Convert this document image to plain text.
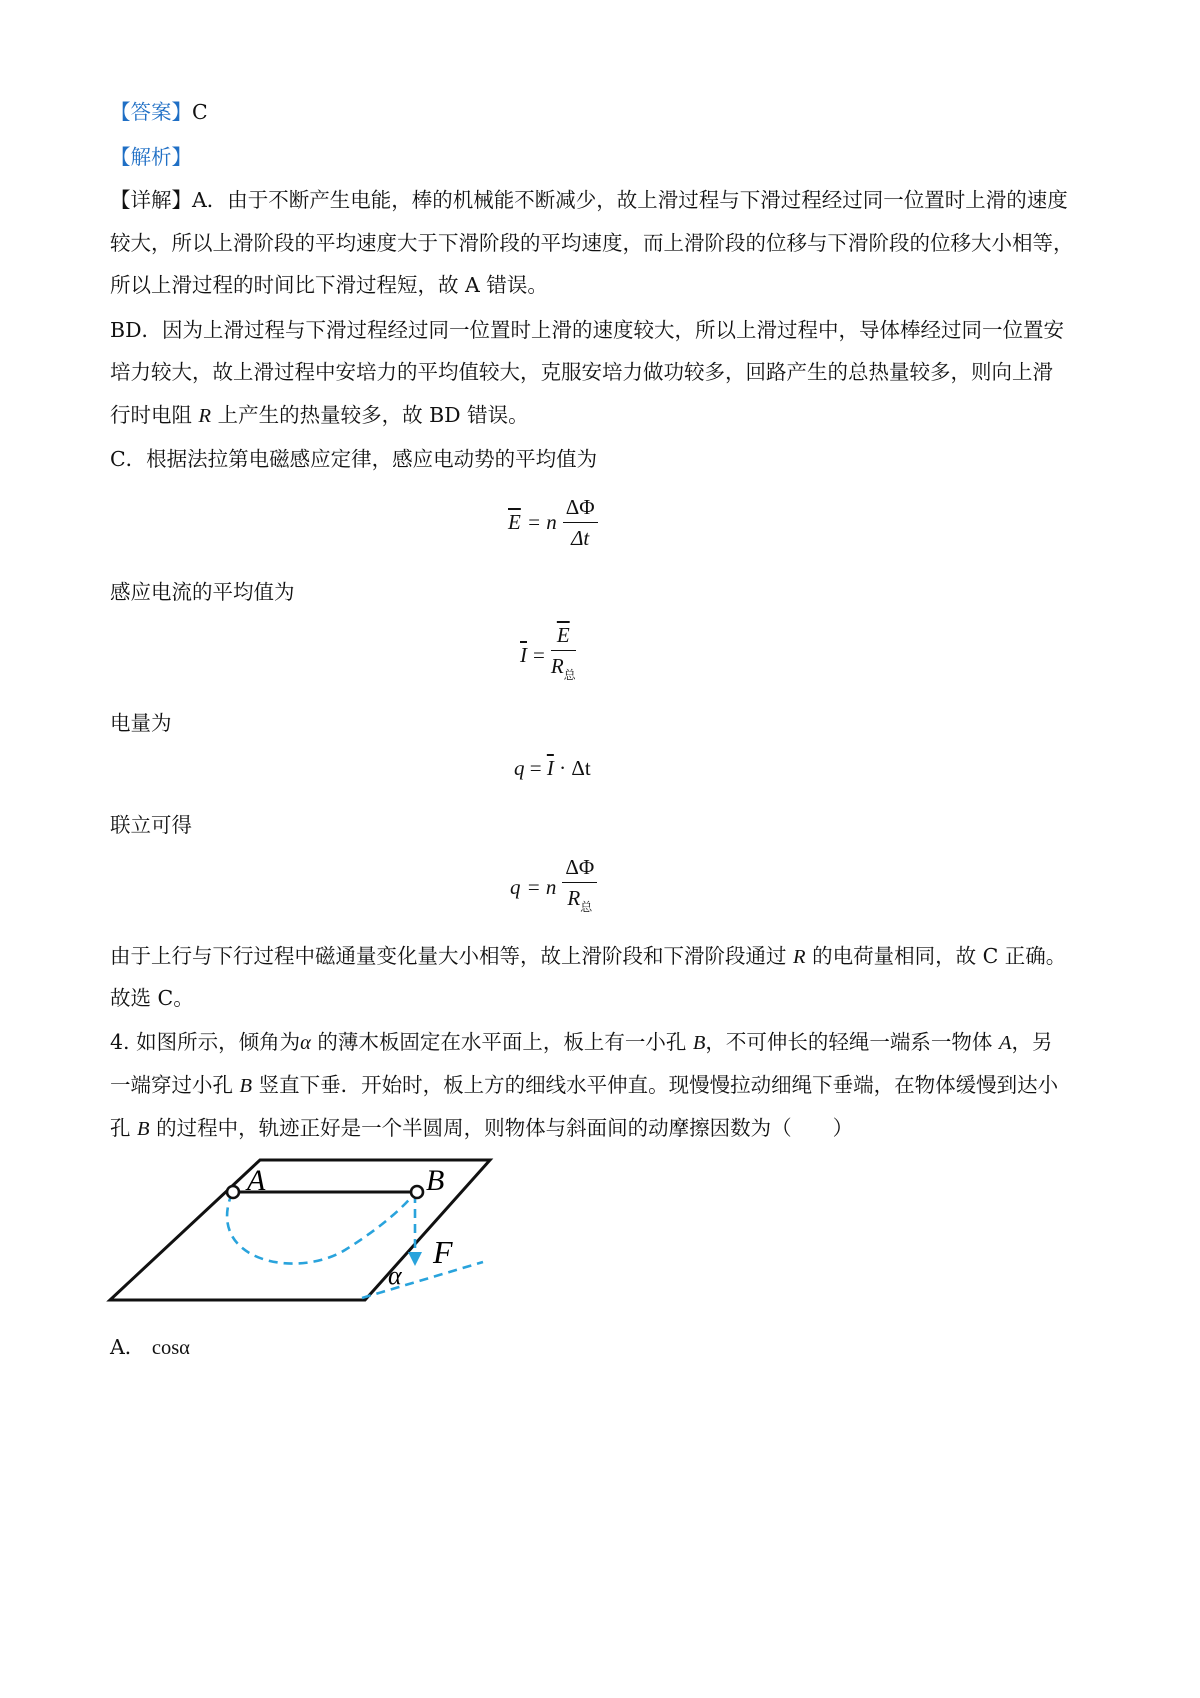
【答案】C
【解析】
【详解】A．由于不断产生电能，棒的机械能不断减少，故上滑过程与下滑过程经过同一位置时上滑的速度
较大，所以上滑阶段的平均速度大于下滑阶段的平均速度，而上滑阶段的位移与下滑阶段的位移大小相等，
所以上滑过程的时间比下滑过程短，故 A 错误。
BD．因为上滑过程与下滑过程经过同一位置时上滑的速度较大，所以上滑过程中，导体棒经过同一位置安
培力较大，故上滑过程中安培力的平均值较大，克服安培力做功较多，回路产生的总热量较多，则向上滑
行时电阻 R 上产生的热量较多，故 BD 错误。
C．根据法拉第电磁感应定律，感应电动势的平均值为
$\overline{E} = n \frac{\Delta\Phi}{\Delta t}$
感应电流的平均值为
$\overline{I} = \frac{\overline{E}}{R_总}$
电量为
$q = \overline{I} \cdot \Delta t$
联立可得
q = n $\frac{\Delta\Phi}{R_总}$
由于上行与下行过程中磁通量变化量大小相等，故上滑阶段和下滑阶段通过 R 的电荷量相同，故 C 正确。
故选 C。
4. 如图所示，倾角为α 的薄木板固定在水平面上，板上有一小孔 B，不可伸长的轻绳一端系一物体 A，另
一端穿过小孔 B 竖直下垂．开始时，板上方的细线水平伸直。现慢慢拉动细绳下垂端，在物体缓慢到达小
孔 B 的过程中，轨迹正好是一个半圆周，则物体与斜面间的动摩擦因数为（　　）
A	B
F
α
A． cosα
